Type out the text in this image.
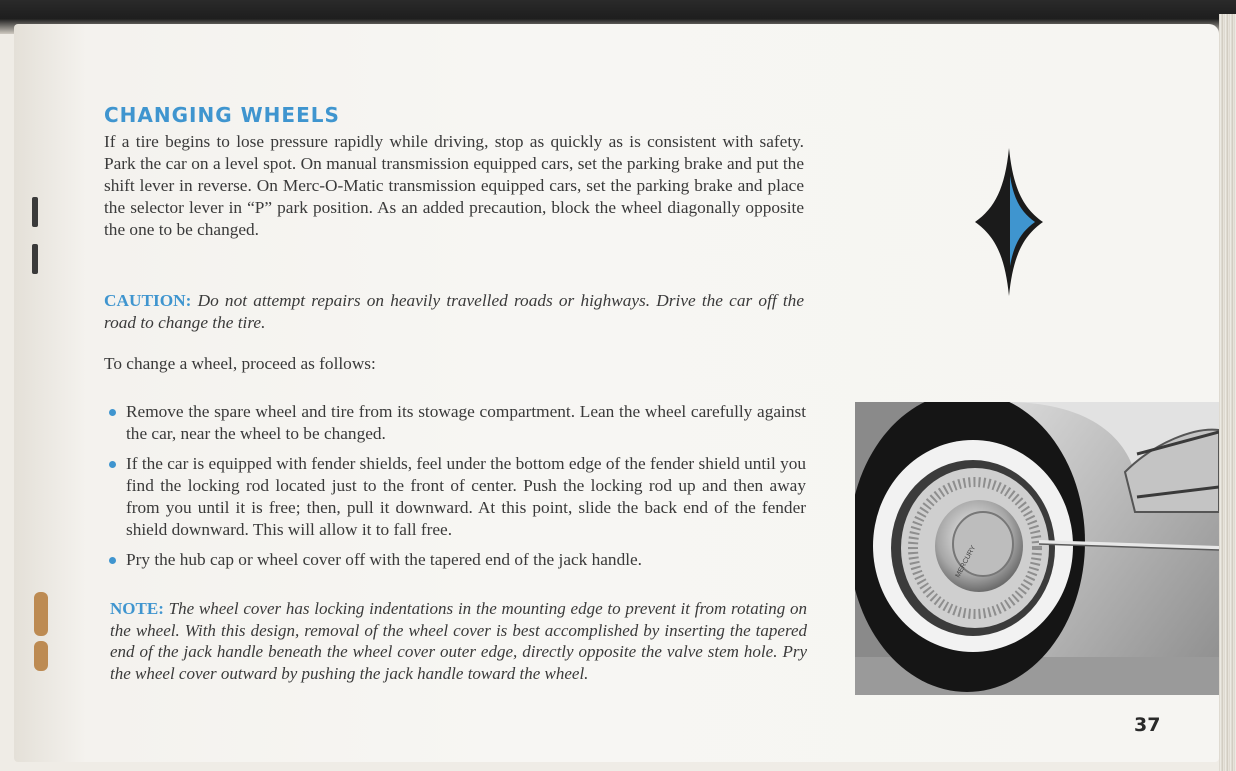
CHANGING WHEELS

If a tire begins to lose pressure rapidly while driving, stop as quickly as is consistent with safety. Park the car on a level spot. On manual transmission equipped cars, set the parking brake and put the shift lever in reverse. On Merc-O-Matic transmission equipped cars, set the parking brake and place the selector lever in “P” park position. As an added precaution, block the wheel diagonally opposite the one to be changed.

CAUTION: Do not attempt repairs on heavily travelled roads or highways. Drive the car off the road to change the tire.

To change a wheel, proceed as follows:

Remove the spare wheel and tire from its stowage compartment. Lean the wheel carefully against the car, near the wheel to be changed.
If the car is equipped with fender shields, feel under the bottom edge of the fender shield until you find the locking rod located just to the front of center. Push the locking rod up and then away from you until it is free; then, pull it downward. At this point, slide the back end of the fender shield downward. This will allow it to fall free.
Pry the hub cap or wheel cover off with the tapered end of the jack handle.

NOTE: The wheel cover has locking indentations in the mounting edge to prevent it from rotating on the wheel. With this design, removal of the wheel cover is best accomplished by inserting the tapered end of the jack handle beneath the wheel cover outer edge, directly opposite the valve stem hole. Pry the wheel cover outward by pushing the jack handle toward the wheel.

MERCURY

37
